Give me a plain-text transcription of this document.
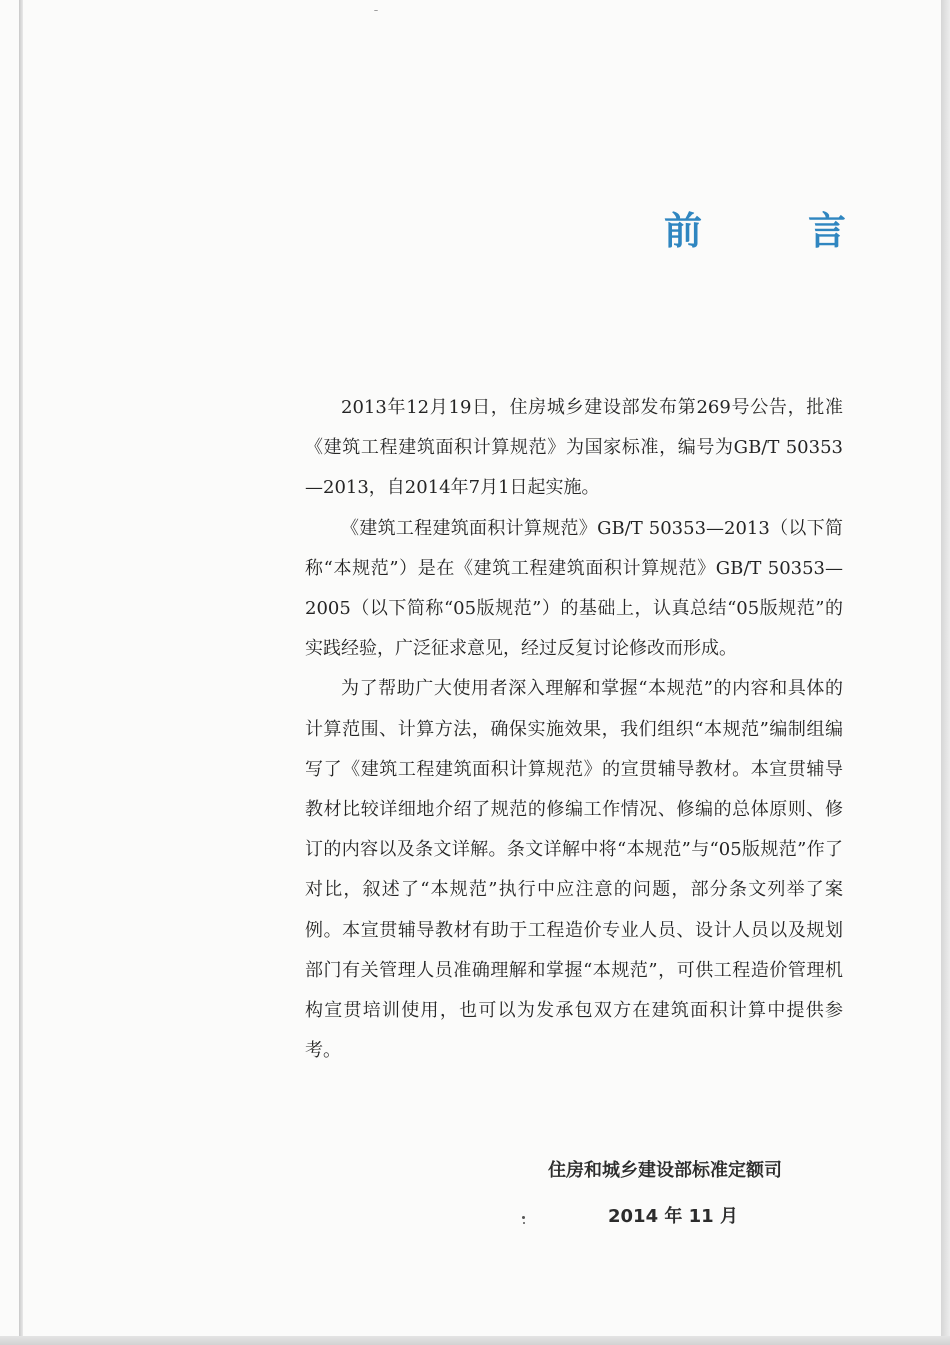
前　言

2013年12月19日，住房城乡建设部发布第269号公告，批准《建筑工程建筑面积计算规范》为国家标准，编号为GB/T 50353—2013，自2014年7月1日起实施。

《建筑工程建筑面积计算规范》GB/T 50353—2013（以下简称“本规范”）是在《建筑工程建筑面积计算规范》GB/T 50353—2005（以下简称“05版规范”）的基础上，认真总结“05版规范”的实践经验，广泛征求意见，经过反复讨论修改而形成。

为了帮助广大使用者深入理解和掌握“本规范”的内容和具体的计算范围、计算方法，确保实施效果，我们组织“本规范”编制组编写了《建筑工程建筑面积计算规范》的宣贯辅导教材。本宣贯辅导教材比较详细地介绍了规范的修编工作情况、修编的总体原则、修订的内容以及条文详解。条文详解中将“本规范”与“05版规范”作了对比，叙述了“本规范”执行中应注意的问题，部分条文列举了案例。本宣贯辅导教材有助于工程造价专业人员、设计人员以及规划部门有关管理人员准确理解和掌握“本规范”，可供工程造价管理机构宣贯培训使用，也可以为发承包双方在建筑面积计算中提供参考。

住房和城乡建设部标准定额司
2014 年 11 月
